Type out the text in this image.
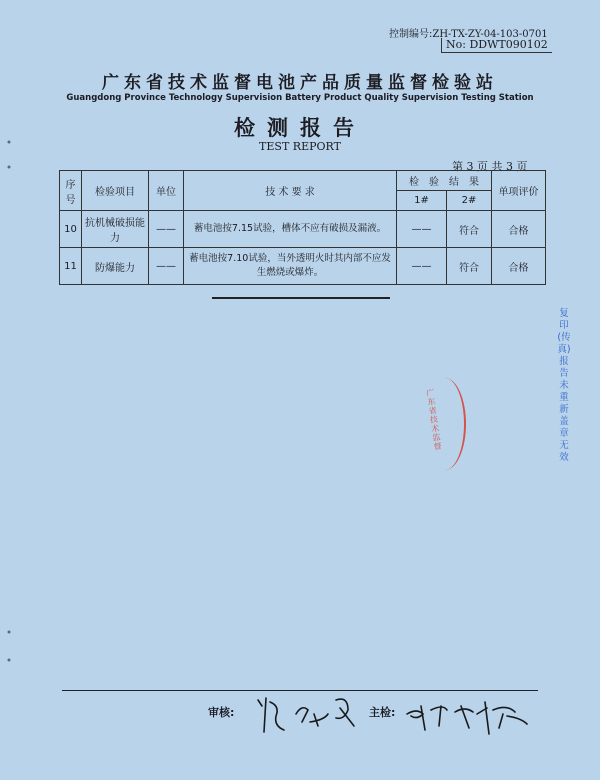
控制编号:ZH-TX-ZY-04-103-0701
No: DDWT090102
广东省技术监督电池产品质量监督检验站
Guangdong Province Technology Supervision Battery Product Quality Supervision Testing Station
检测报告
TEST REPORT
第 3 页 共 3 页
序号	检验项目	单位	技 术 要 求	检　验　结　果		单项评价
				1#	2#	
10	抗机械破损能力	——	蓄电池按7.15试验，槽体不应有破损及漏液。	——	符合	合格
11	防爆能力	——	蓄电池按7.10试验，当外透明火时其内部不应发生燃烧或爆炸。	——	符合	合格
复印(传真)报告未重新盖章无效
广东省技术监督
审核:	主检:
